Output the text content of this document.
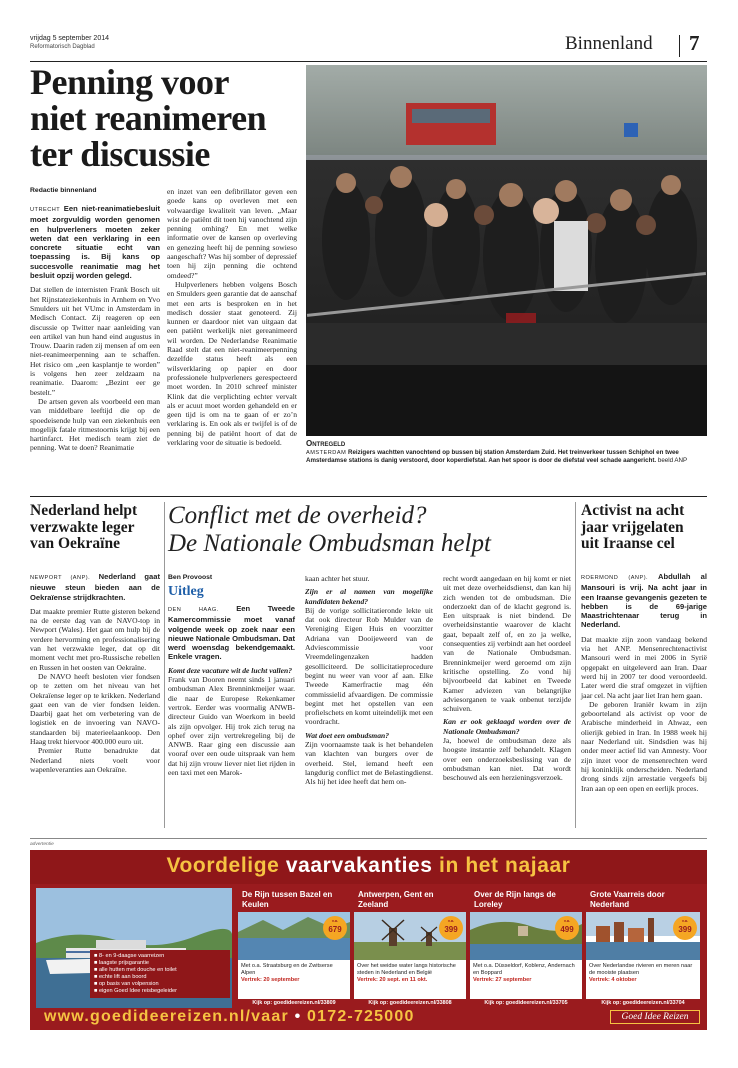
vrijdag 5 september 2014
Reformatorisch Dagblad	Binnenland 7
Penning voor
niet reanimeren
ter discussie
Redactie binnenland

UTRECHT Een niet-reanimatiebesluit moet zorgvuldig worden genomen en hulpverleners moeten zeker weten dat een verklaring in een concrete situatie echt van toepassing is. Bij kans op succesvolle reanimatie mag het besluit opzij worden gelegd.

Dat stellen de internisten Frank Bosch uit het Rijnstateziekenhuis in Arnhem en Yvo Smulders uit het VUmc in Amsterdam in Medisch Contact. Zij reageren op een discussie op Twitter naar aanleiding van een artikel van hun hand eind augustus in Trouw. Daarin raden zij mensen af om een niet-reanimeerpenning aan te schaffen. Het risico om „een kasplantje te worden” is volgens hen zeer zeldzaam na reanimatie. Daarom: „Bezint eer ge bestelt.”

De artsen geven als voorbeeld een man van middelbare leeftijd die op de spoedeisende hulp van een ziekenhuis een mogelijk fatale ritmestoornis krijgt bij een hartinfarct. Het medisch team ziet de penning. Wat te doen? Reanimatie

en inzet van een defibrillator geven een goede kans op overleven met een volwaardige kwaliteit van leven. „Maar wist de patiënt dit toen hij vanochtend zijn penning omhing? En met welke informatie over de kansen op overleving en genezing heeft hij de penning sowieso aangeschaft? Was hij somber of depressief toen hij zijn penning die ochtend omdeed?”

Hulpverleners hebben volgens Bosch en Smulders geen garantie dat de aanschaf met een arts is besproken en in het medisch dossier staat genoteerd. Zij kunnen er daardoor niet van uitgaan dat een patiënt werkelijk niet gereanimeerd wil worden. De Nederlandse Reanimatie Raad stelt dat een niet-reanimeerpenning dezelfde status heeft als een wilsverklaring op papier en door professionele hulpverleners gerespecteerd moet worden. In 2010 schreef minister Klink dat die verplichting echter vervalt als er acuut moet worden gehandeld en er geen tijd is om na te gaan of er zo’n verklaring is. En ook als er twijfel is of de penning bij de patiënt hoort of dat de verklaring voor de situatie is bedoeld.	Ontregeld
AMSTERDAM Reizigers wachtten vanochtend op bussen bij station Amsterdam Zuid. Het treinverkeer tussen Schiphol en twee Amsterdamse stations is danig verstoord, door koperdiefstal. Aan het spoor is door de diefstal veel schade aangericht. beeld ANP
Nederland helpt
verzwakte leger
van Oekraïne

NEWPORT (ANP). Nederland gaat nieuwe steun bieden aan de Oekraïense strijdkrachten.

Dat maakte premier Rutte gisteren bekend na de eerste dag van de NAVO-top in Newport (Wales). Het gaat om hulp bij de verdere hervorming en professionalisering van het verzwakte leger, dat op dit moment vecht met pro-Russische rebellen en Russen in het oosten van Oekraïne.

De NAVO heeft besloten vier fondsen op te zetten om het niveau van het Oekraïense leger op te krikken. Nederland gaat een van de vier fondsen leiden. Daarbij gaat het om verbetering van de logistiek en de invoering van NAVO-standaarden bij materieelaankoop. Den Haag trekt hiervoor 400.000 euro uit.

Premier Rutte benadrukte dat Nederland niets voelt voor wapenleveranties aan Oekraïne.

Conflict met de overheid?
De Nationale Ombudsman helpt
Ben Provoost
Uitleg

DEN HAAG. Een Tweede Kamercommissie moet vanaf volgende week op zoek naar een nieuwe Nationale Ombudsman. Dat werd woensdag bekendgemaakt. Enkele vragen.

Komt deze vacature wit de lucht vallen?

Frank van Dooren neemt sinds 1 januari ombudsman Alex Brenninkmeijer waar. die naar de Europese Rekenkamer vertrok. Eerder was voormalig ANWB-directeur Guido van Woerkom in beeld als zijn opvolger. Hij trok zich terug na ophef over zijn vertrekregeling bij de ANWB. Raar ging een discussie aan vooraf over een oude uitspraak van hem dat hij zijn vrouw liever niet liet rijden in een taxi met een Marok-

kaan achter het stuur.

Zijn er al namen van mogelijke kandidaten bekend?

Bij de vorige sollicitatieronde lekte uit dat ook directeur Rob Mulder van de Vereniging Eigen Huis en voorzitter Adriana van Dooijeweerd van de Adviescommissie voor Vreemdelingenzaken hadden gesolliciteerd. De sollicitatieprocedure begint nu weer van voor af aan. Elke Tweede Kamerfractie mag één commissielid afvaardigen. De commissie begint met het opstellen van een profielschets en komt uiteindelijk met een voordracht.

Wat doet een ombudsman?

Zijn voornaamste taak is het behandelen van klachten van burgers over de overheid. Stel, iemand heeft een langdurig conflict met de Belastingdienst. Als hij het idee heeft dat hem on-

recht wordt aangedaan en hij komt er niet uit met deze overheidsdienst, dan kan hij zich wenden tot de ombudsman. Die onderzoekt dan of de klacht gegrond is. Een uitspraak is niet bindend. De overheidsinstantie waarover de klacht gaat, bepaalt zelf of, en zo ja welke, consequenties zij verbindt aan het oordeel van de Nationale Ombudsman. Brenninkmeijer werd geroemd om zijn kritische opstelling. Zo vond hij bijvoorbeeld dat kabinet en Tweede Kamer adviezen van belangrijke adviesorganen te vaak onbenut terzijde schuiven.

Kan er ook geklaagd worden over de Nationale Ombudsman?

Ja, hoewel de ombudsman deze als hoogste instantie zelf behandelt. Klagen over een onderzoeksbeslissing van de ombudsman kan niet. Dat wordt beschouwd als een herzieningsverzoek.

Activist na acht
jaar vrijgelaten
uit Iraanse cel

ROERMOND (ANP). Abdullah al Mansouri is vrij. Na acht jaar in een Iraanse gevangenis gezeten te hebben is de 69-jarige Maastrichtenaar terug in Nederland.

Dat maakte zijn zoon vandaag bekend via het ANP. Mensenrechtenactivist Mansouri werd in mei 2006 in Syrië opgepakt en uitgeleverd aan Iran. Daar werd hij in 2007 ter dood veroordeeld. Later werd die straf omgezet in vijftien jaar cel. Na acht jaar liet Iran hem gaan.

De geboren Iraniër kwam in zijn geboorteland als activist op voor de Arabische minderheid in Ahwaz, een olierijk gebied in Iran. In 1988 week hij naar Nederland uit. Sindsdien was hij onder meer actief lid van Amnesty. Voor zijn inzet voor de mensenrechten werd hij koninklijk onderscheiden. Nederland drong sinds zijn arrestatie vergeefs bij Iran aan op een open en eerlijk proces.

advertentie
Voordelige vaarvakanties in het najaar
■ 8- en 9-daagse vaarreizen
■ laagste prijsgarantie
■ alle hutten met douche en toilet
■ echte lift aan boord
■ op basis van volpension
■ eigen Goed Idee reisbegeleider
De Rijn tussen Bazel en Keulen
v.a.
679
Met o.a. Straatsburg en de Zwitserse Alpen
Vertrek: 20 september
Kijk op: goedideereizen.nl/33809
Antwerpen, Gent en Zeeland
v.a.
399
Over het weidse water langs historische steden in Nederland en België
Vertrek: 20 sept. en 11 okt.
Kijk op: goedideereizen.nl/33808
Over de Rijn langs de Loreley
v.a.
499
Met o.a. Düsseldorf, Koblenz, Andernach en Boppard
Vertrek: 27 september
Kijk op: goedideereizen.nl/33705
Grote Vaarreis door Nederland
v.a.
399
Over Nederlandse rivieren en meren naar de mooiste plaatsen
Vertrek: 4 oktober
Kijk op: goedideereizen.nl/33704
www.goedideereizen.nl/vaar • 0172-725000	Goed Idee Reizen
